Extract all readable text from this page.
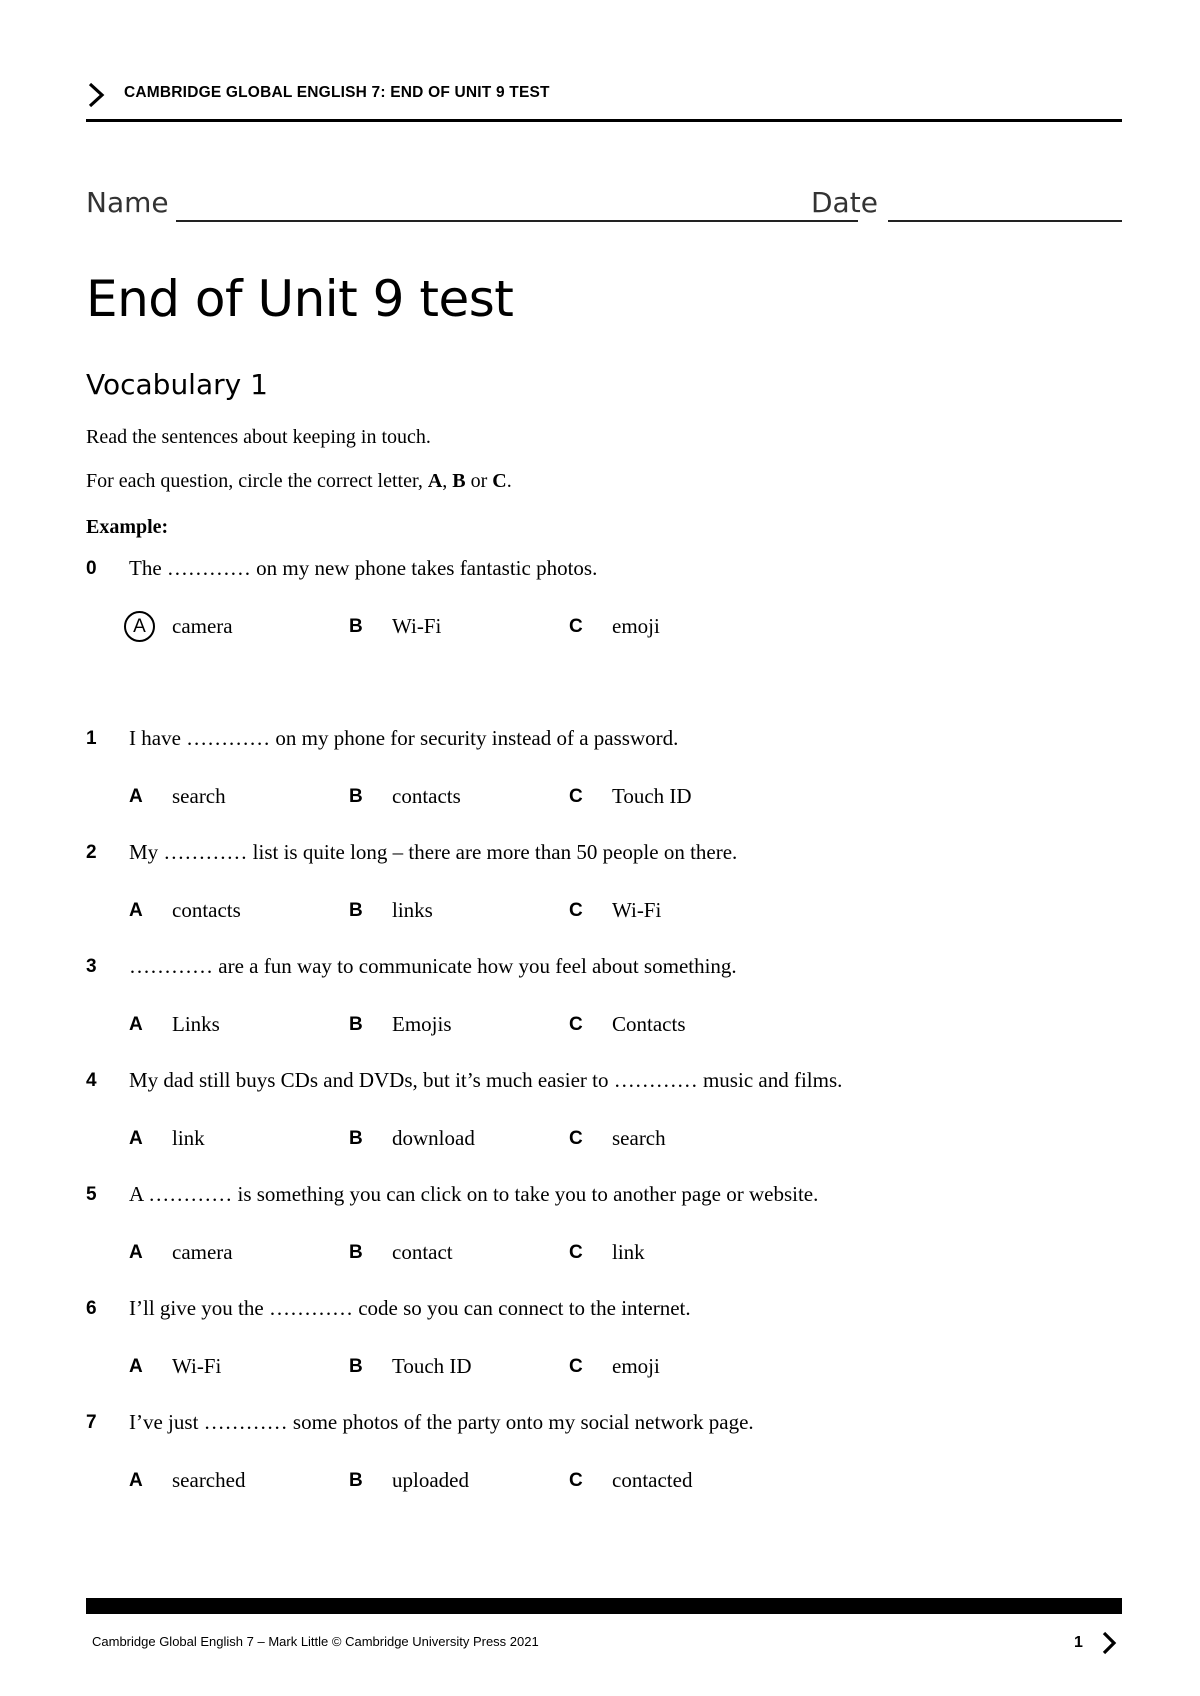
CAMBRIDGE GLOBAL ENGLISH 7: END OF UNIT 9 TEST
Name	Date
End of Unit 9 test
Vocabulary 1
Read the sentences about keeping in touch.
For each question, circle the correct letter, A, B or C.
Example:
0 The ………… on my new phone takes fantastic photos.
A	camera	B Wi-Fi	C emoji
1 I have ………… on my phone for security instead of a password.
A search	B contacts	C Touch ID
2 My ………… list is quite long – there are more than 50 people on there.
A contacts	B links	C Wi-Fi
3 ………… are a fun way to communicate how you feel about something.
A Links	B Emojis	C Contacts
4 My dad still buys CDs and DVDs, but it’s much easier to ………… music and films.
A link	B download	C search
5 A ………… is something you can click on to take you to another page or website.
A camera	B contact	C link
6 I’ll give you the ………… code so you can connect to the internet.
A Wi-Fi	B Touch ID	C emoji
7 I’ve just ………… some photos of the party onto my social network page.
A searched	B uploaded	C contacted
Cambridge Global English 7 – Mark Little © Cambridge University Press 2021	1
